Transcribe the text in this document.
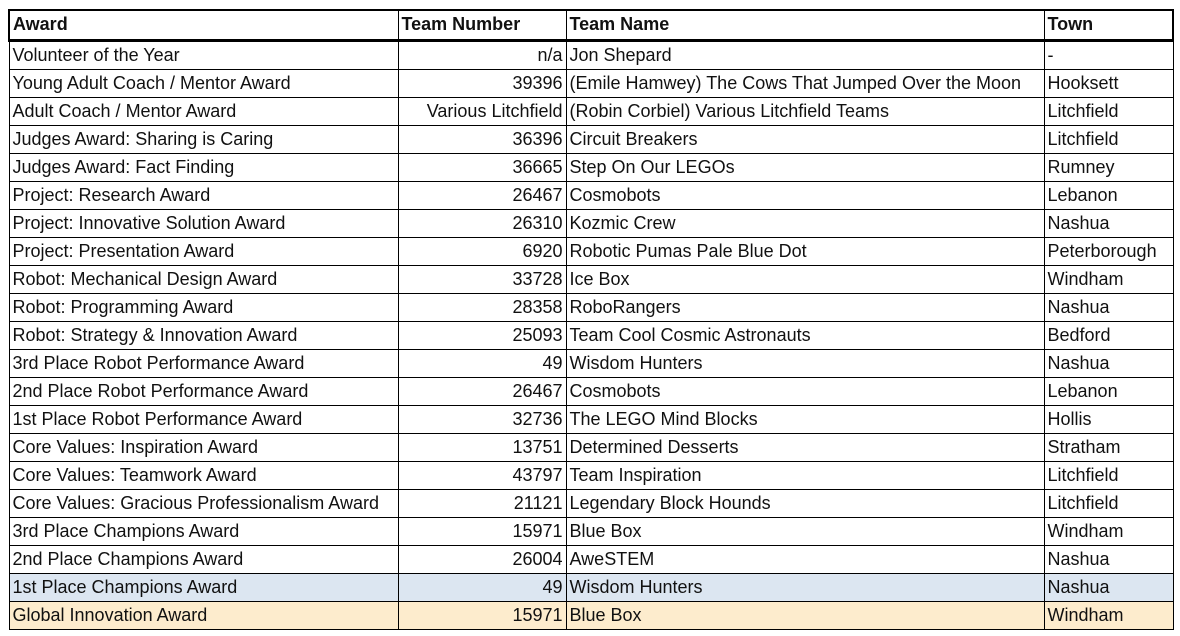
Award	Team Number	Team Name	Town
Volunteer of the Year	n/a	Jon Shepard	-
Young Adult Coach / Mentor Award	39396	(Emile Hamwey) The Cows That Jumped Over the Moon	Hooksett
Adult Coach / Mentor Award	Various Litchfield	(Robin Corbiel) Various Litchfield Teams	Litchfield
Judges Award: Sharing is Caring	36396	Circuit Breakers	Litchfield
Judges Award: Fact Finding	36665	Step On Our LEGOs	Rumney
Project: Research Award	26467	Cosmobots	Lebanon
Project: Innovative Solution Award	26310	Kozmic Crew	Nashua
Project: Presentation Award	6920	Robotic Pumas Pale Blue Dot	Peterborough
Robot: Mechanical Design Award	33728	Ice Box	Windham
Robot: Programming Award	28358	RoboRangers	Nashua
Robot: Strategy & Innovation Award	25093	Team Cool Cosmic Astronauts	Bedford
3rd Place Robot Performance Award	49	Wisdom Hunters	Nashua
2nd Place Robot Performance Award	26467	Cosmobots	Lebanon
1st Place Robot Performance Award	32736	The LEGO Mind Blocks	Hollis
Core Values: Inspiration Award	13751	Determined Desserts	Stratham
Core Values: Teamwork Award	43797	Team Inspiration	Litchfield
Core Values: Gracious Professionalism Award	21121	Legendary Block Hounds	Litchfield
3rd Place Champions Award	15971	Blue Box	Windham
2nd Place Champions Award	26004	AweSTEM	Nashua
1st Place Champions Award	49	Wisdom Hunters	Nashua
Global Innovation Award	15971	Blue Box	Windham
